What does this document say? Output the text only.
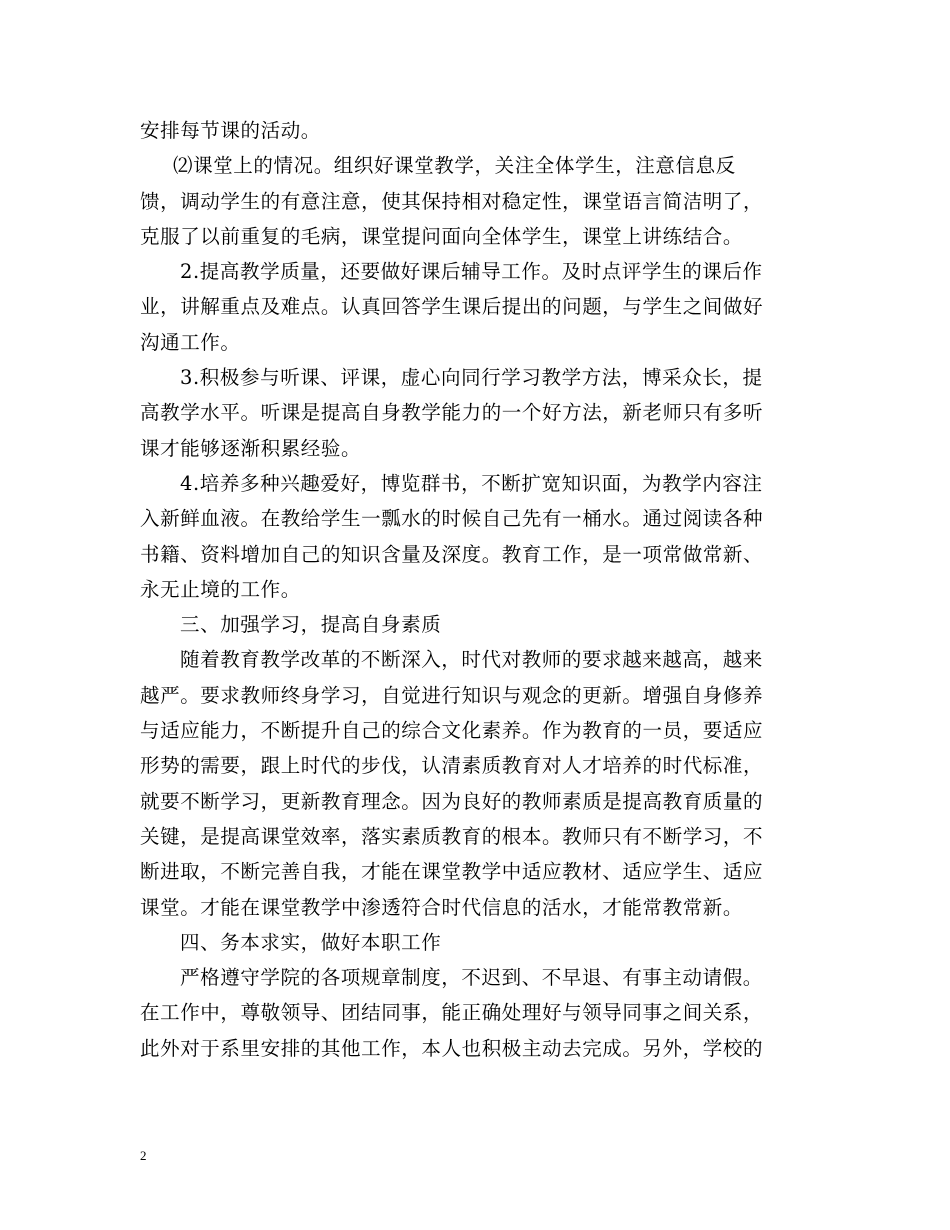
安排每节课的活动。
⑵课堂上的情况。组织好课堂教学，关注全体学生，注意信息反
馈，调动学生的有意注意，使其保持相对稳定性，课堂语言简洁明了，
克服了以前重复的毛病，课堂提问面向全体学生，课堂上讲练结合。
2.提高教学质量，还要做好课后辅导工作。及时点评学生的课后作
业，讲解重点及难点。认真回答学生课后提出的问题，与学生之间做好
沟通工作。
3.积极参与听课、评课，虚心向同行学习教学方法，博采众长，提
高教学水平。听课是提高自身教学能力的一个好方法，新老师只有多听
课才能够逐渐积累经验。
4.培养多种兴趣爱好，博览群书，不断扩宽知识面，为教学内容注
入新鲜血液。在教给学生一瓢水的时候自己先有一桶水。通过阅读各种
书籍、资料增加自己的知识含量及深度。教育工作，是一项常做常新、
永无止境的工作。
三、加强学习，提高自身素质
随着教育教学改革的不断深入，时代对教师的要求越来越高，越来
越严。要求教师终身学习，自觉进行知识与观念的更新。增强自身修养
与适应能力，不断提升自己的综合文化素养。作为教育的一员，要适应
形势的需要，跟上时代的步伐，认清素质教育对人才培养的时代标准，
就要不断学习，更新教育理念。因为良好的教师素质是提高教育质量的
关键，是提高课堂效率，落实素质教育的根本。教师只有不断学习，不
断进取，不断完善自我，才能在课堂教学中适应教材、适应学生、适应
课堂。才能在课堂教学中渗透符合时代信息的活水，才能常教常新。
四、务本求实，做好本职工作
严格遵守学院的各项规章制度，不迟到、不早退、有事主动请假。
在工作中，尊敬领导、团结同事，能正确处理好与领导同事之间关系，
此外对于系里安排的其他工作，本人也积极主动去完成。另外，学校的
2
